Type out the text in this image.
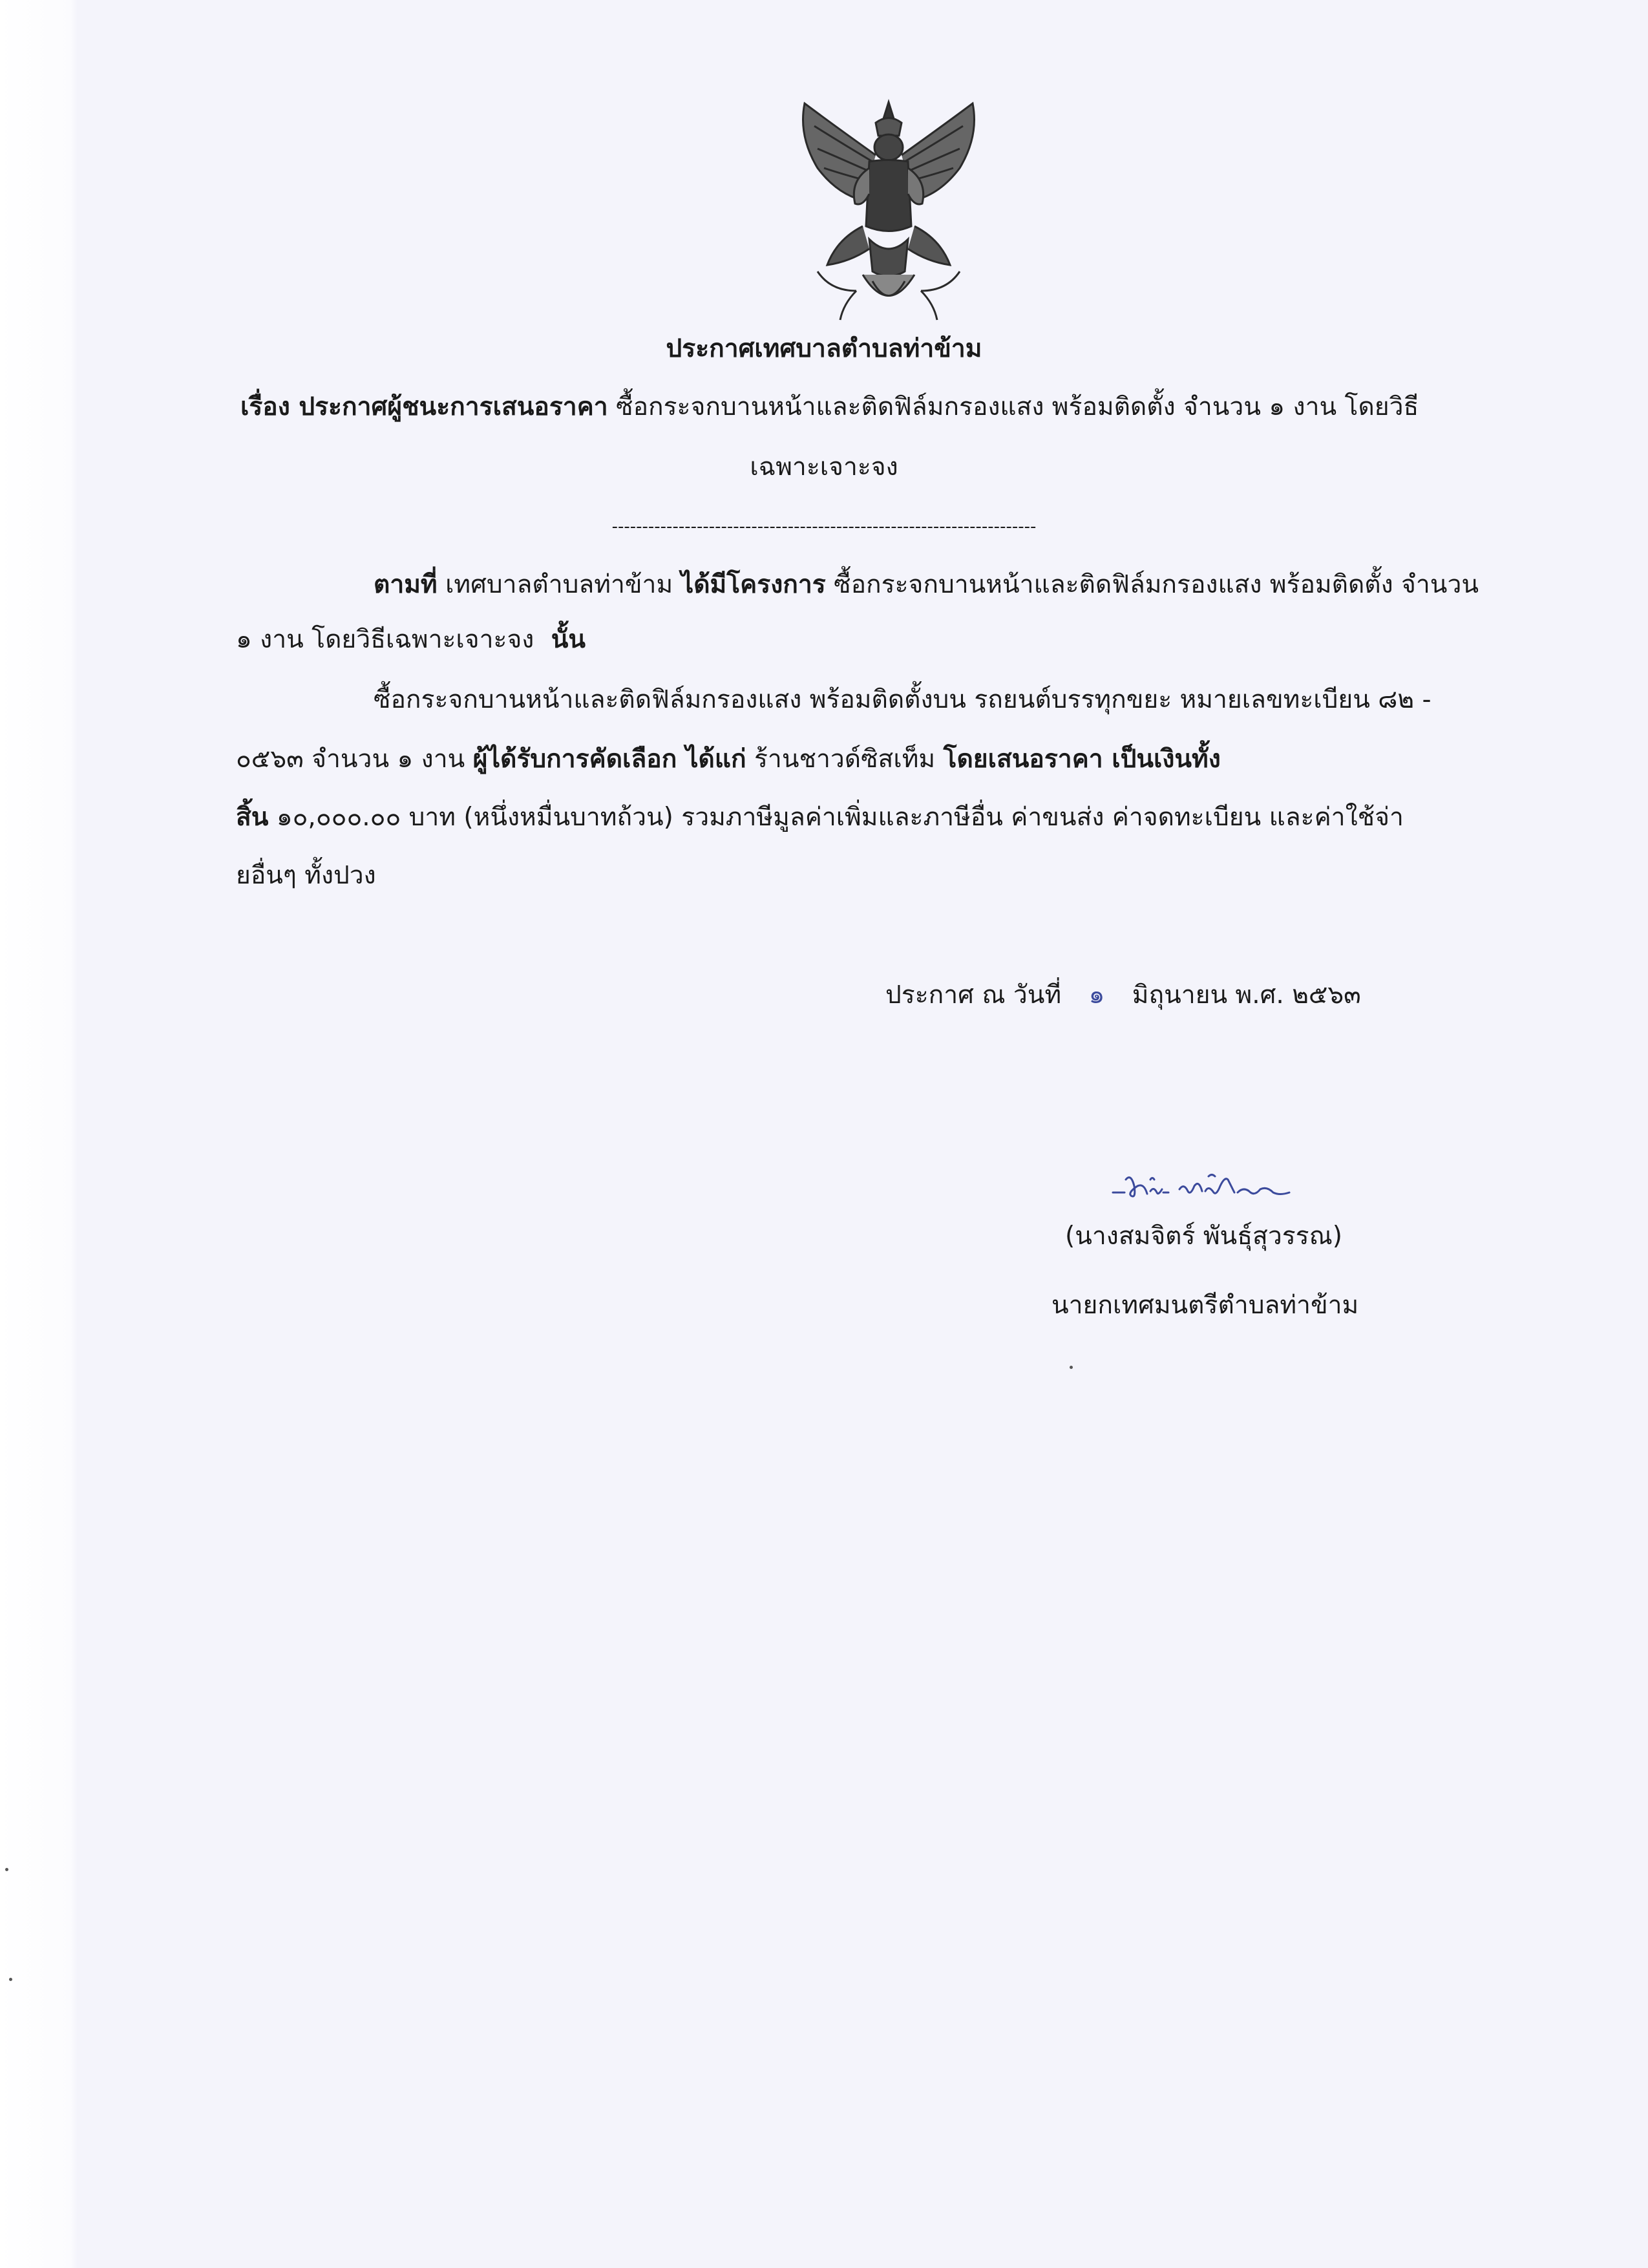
ประกาศเทศบาลตำบลท่าข้าม
เรื่อง ประกาศผู้ชนะการเสนอราคา ซื้อกระจกบานหน้าและติดฟิล์มกรองแสง พร้อมติดตั้ง จำนวน ๑ งาน โดยวิธี
เฉพาะเจาะจง
----------------------------------------------------------------------
ตามที่ เทศบาลตำบลท่าข้าม ได้มีโครงการ ซื้อกระจกบานหน้าและติดฟิล์มกรองแสง พร้อมติดตั้ง จำนวน
๑ งาน โดยวิธีเฉพาะเจาะจง นั้น
ซื้อกระจกบานหน้าและติดฟิล์มกรองแสง พร้อมติดตั้งบน รถยนต์บรรทุกขยะ หมายเลขทะเบียน ๘๒ -
๐๕๖๓ จำนวน ๑ งาน ผู้ได้รับการคัดเลือก ได้แก่ ร้านชาวด์ซิสเท็ม โดยเสนอราคา เป็นเงินทั้ง
สิ้น ๑๐,๐๐๐.๐๐ บาท (หนึ่งหมื่นบาทถ้วน) รวมภาษีมูลค่าเพิ่มและภาษีอื่น ค่าขนส่ง ค่าจดทะเบียน และค่าใช้จ่า
ยอื่นๆ ทั้งปวง
ประกาศ ณ วันที่ ๑ มิถุนายน พ.ศ. ๒๕๖๓
(นางสมจิตร์ พันธุ์สุวรรณ)
นายกเทศมนตรีตำบลท่าข้าม
